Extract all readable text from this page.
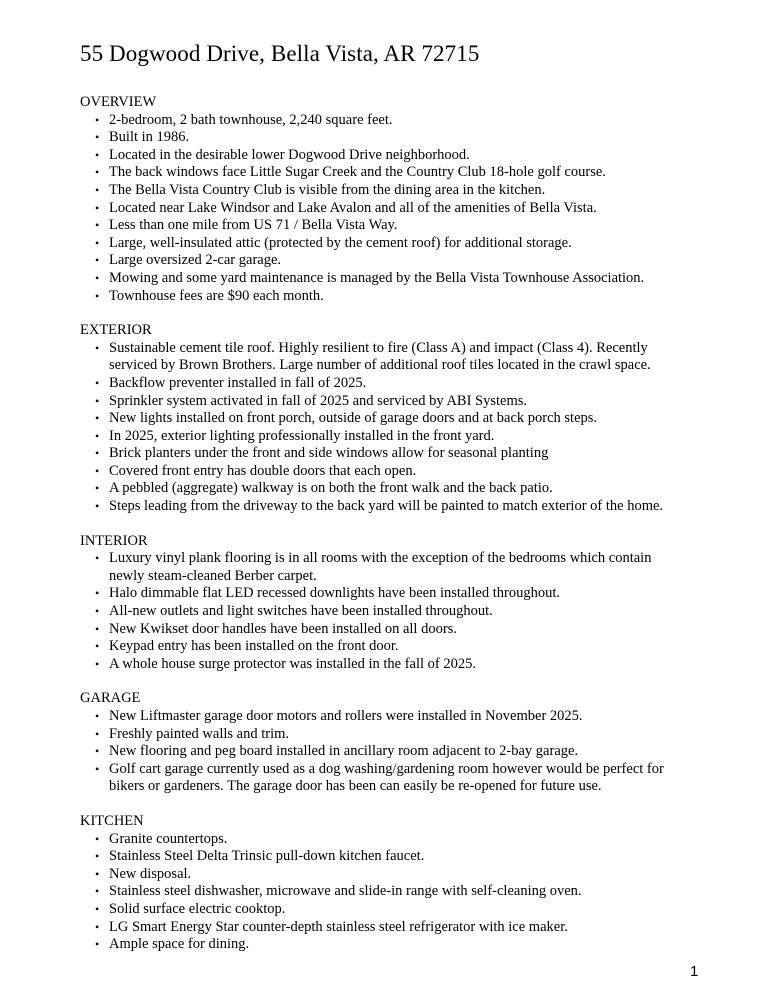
55 Dogwood Drive, Bella Vista, AR 72715

OVERVIEW

• 2-bedroom, 2 bath townhouse, 2,240 square feet.
• Built in 1986.
• Located in the desirable lower Dogwood Drive neighborhood.
• The back windows face Little Sugar Creek and the Country Club 18-hole golf course.
• The Bella Vista Country Club is visible from the dining area in the kitchen.
• Located near Lake Windsor and Lake Avalon and all of the amenities of Bella Vista.
• Less than one mile from US 71 / Bella Vista Way.
• Large, well-insulated attic (protected by the cement roof) for additional storage.
• Large oversized 2-car garage.
• Mowing and some yard maintenance is managed by the Bella Vista Townhouse Association.
• Townhouse fees are $90 each month.

EXTERIOR

• Sustainable cement tile roof. Highly resilient to fire (Class A) and impact (Class 4). Recently
serviced by Brown Brothers. Large number of additional roof tiles located in the crawl space.
• Backflow preventer installed in fall of 2025.
• Sprinkler system activated in fall of 2025 and serviced by ABI Systems.
• New lights installed on front porch, outside of garage doors and at back porch steps.
• In 2025, exterior lighting professionally installed in the front yard.
• Brick planters under the front and side windows allow for seasonal planting
• Covered front entry has double doors that each open.
• A pebbled (aggregate) walkway is on both the front walk and the back patio.
• Steps leading from the driveway to the back yard will be painted to match exterior of the home.

INTERIOR

• Luxury vinyl plank flooring is in all rooms with the exception of the bedrooms which contain
newly steam-cleaned Berber carpet.
• Halo dimmable flat LED recessed downlights have been installed throughout.
• All-new outlets and light switches have been installed throughout.
• New Kwikset door handles have been installed on all doors.
• Keypad entry has been installed on the front door.
• A whole house surge protector was installed in the fall of 2025.

GARAGE

• New Liftmaster garage door motors and rollers were installed in November 2025.
• Freshly painted walls and trim.
• New flooring and peg board installed in ancillary room adjacent to 2-bay garage.
• Golf cart garage currently used as a dog washing/gardening room however would be perfect for
bikers or gardeners. The garage door has been can easily be re-opened for future use.

KITCHEN

• Granite countertops.
• Stainless Steel Delta Trinsic pull-down kitchen faucet.
• New disposal.
• Stainless steel dishwasher, microwave and slide-in range with self-cleaning oven.
• Solid surface electric cooktop.
• LG Smart Energy Star counter-depth stainless steel refrigerator with ice maker.
• Ample space for dining.
1
